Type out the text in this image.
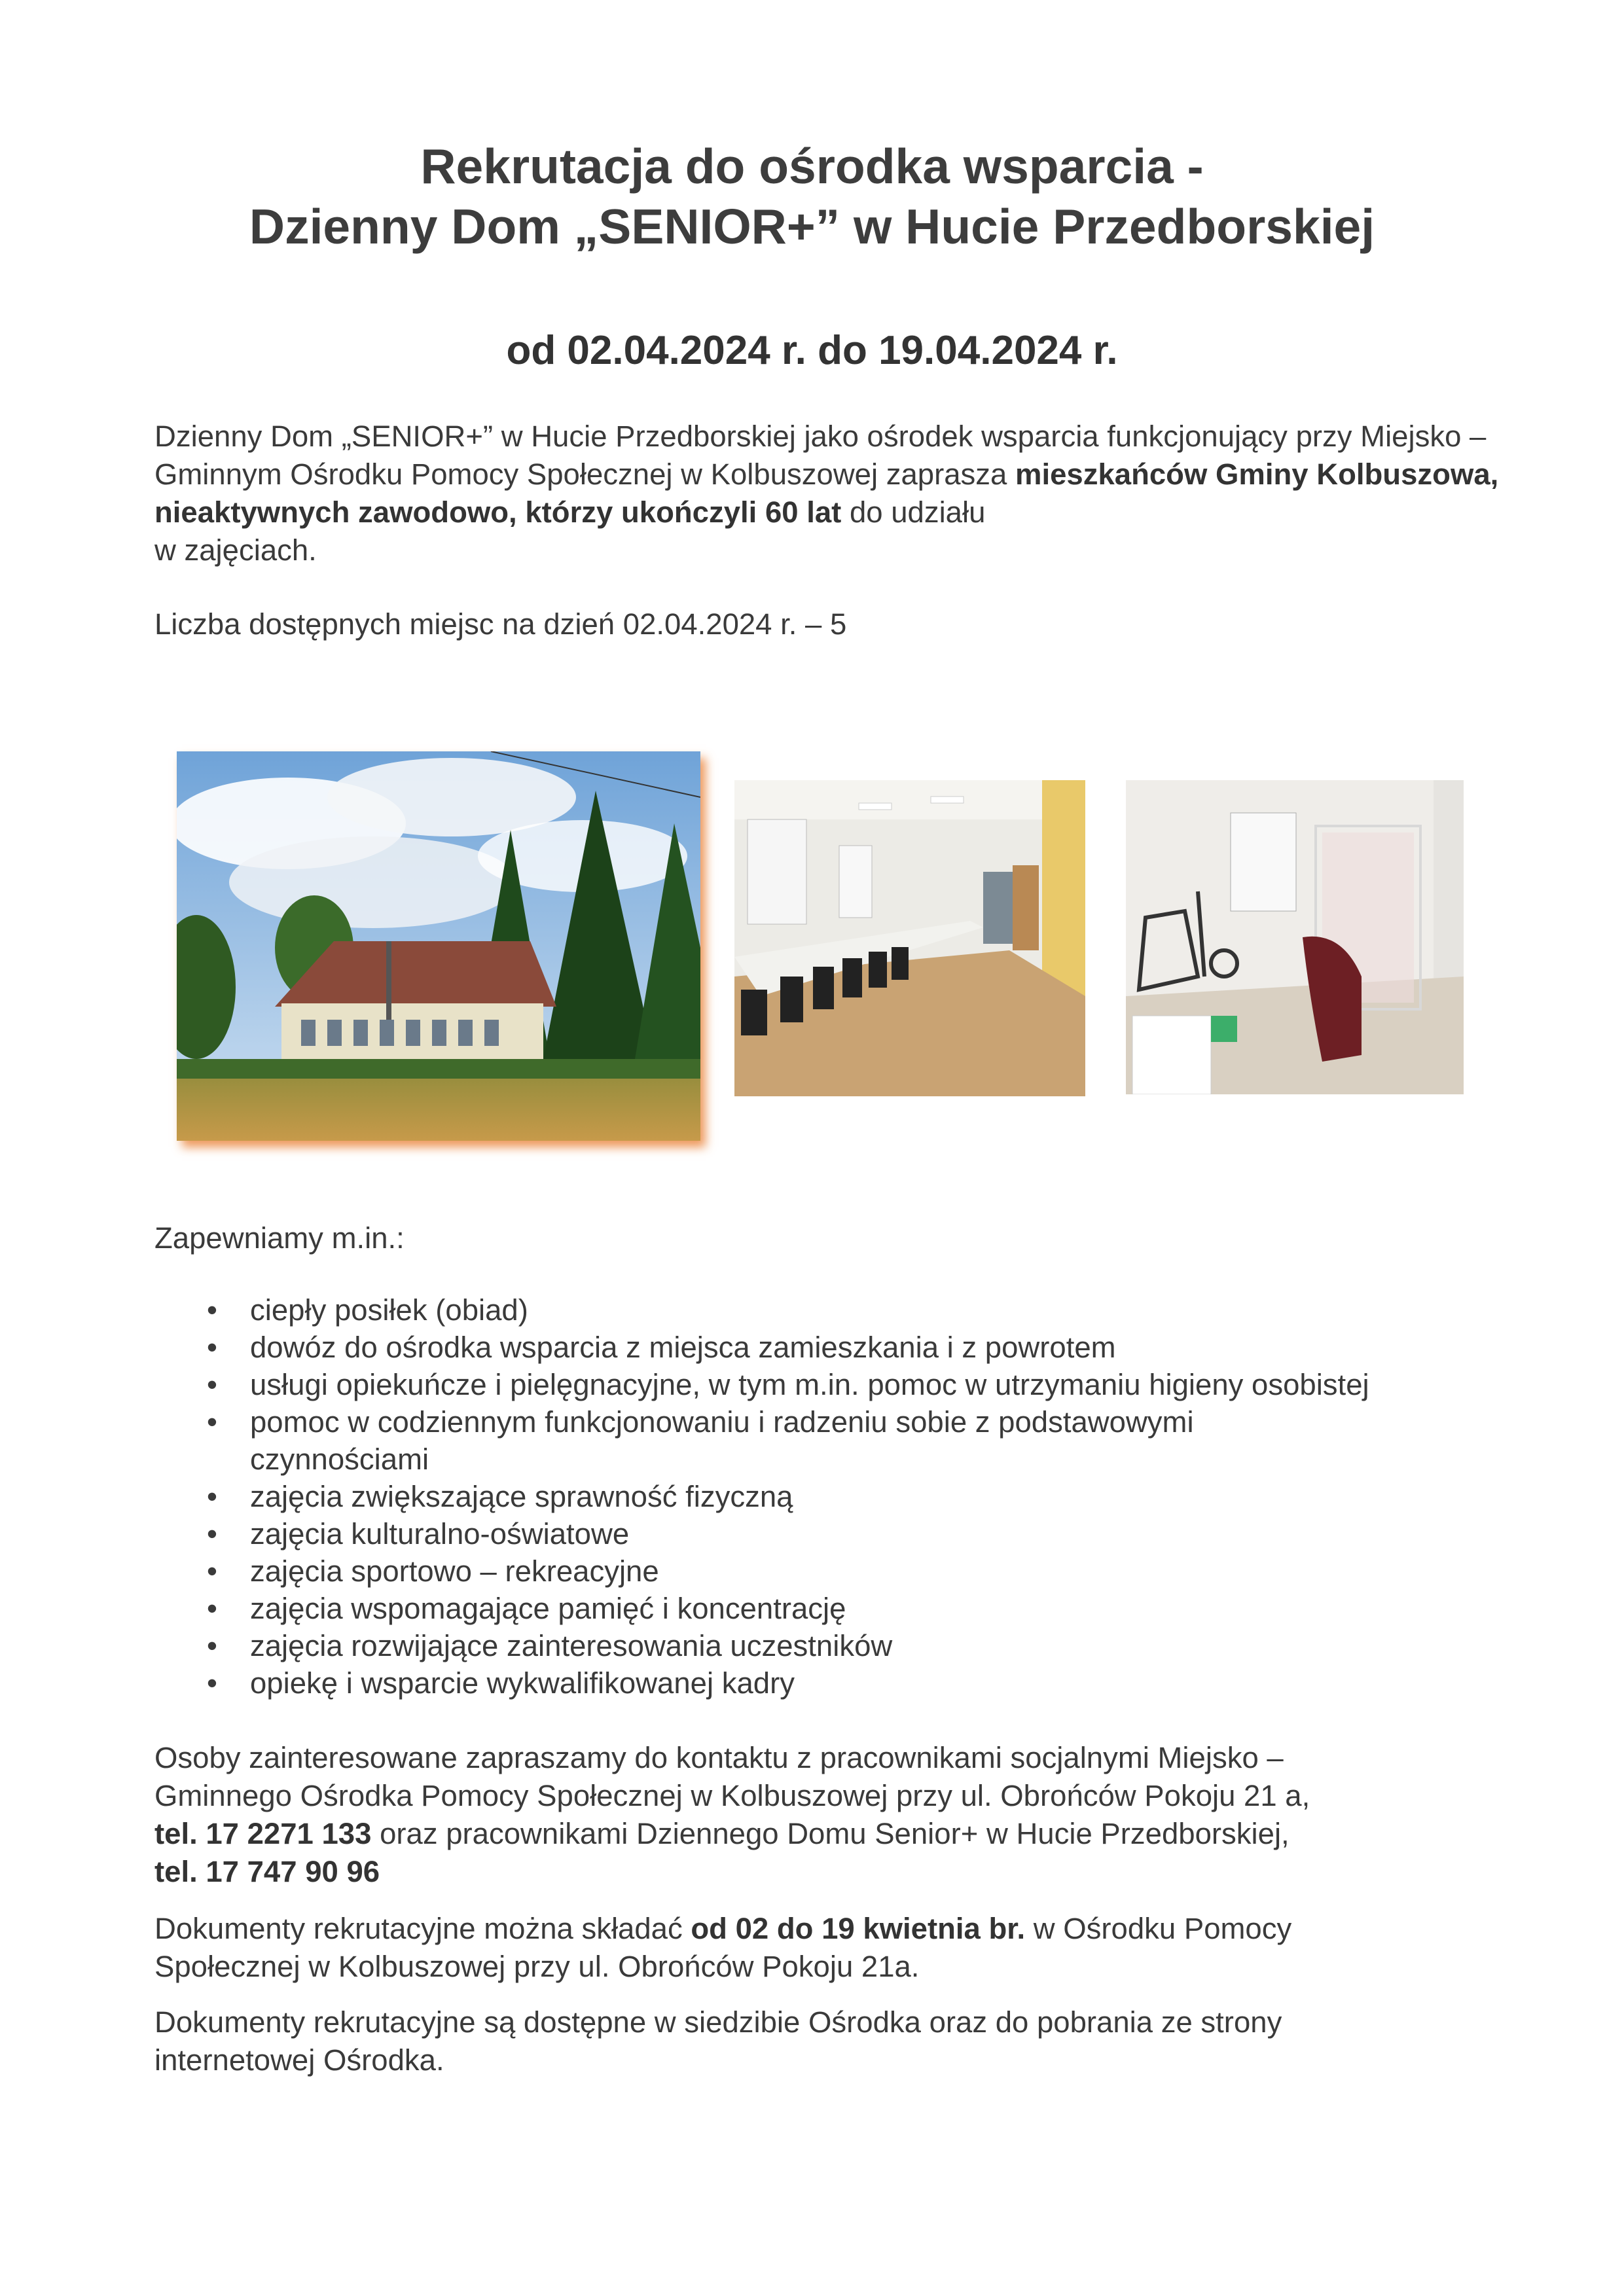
Rekrutacja do ośrodka wsparcia -
Dzienny Dom „SENIOR+” w Hucie Przedborskiej
od 02.04.2024 r. do 19.04.2024 r.
Dzienny Dom „SENIOR+” w Hucie Przedborskiej jako ośrodek wsparcia funkcjonujący przy Miejsko – Gminnym Ośrodku Pomocy Społecznej w Kolbuszowej zaprasza mieszkańców Gminy Kolbuszowa, nieaktywnych zawodowo, którzy ukończyli 60 lat do udziału
w zajęciach.
Liczba dostępnych miejsc na dzień 02.04.2024 r. – 5
Zapewniamy m.in.:
• ciepły posiłek (obiad)
• dowóz do ośrodka wsparcia z miejsca zamieszkania i z powrotem
• usługi opiekuńcze i pielęgnacyjne, w tym m.in. pomoc w utrzymaniu higieny osobistej
• pomoc w codziennym funkcjonowaniu i radzeniu sobie z podstawowymi
czynnościami
• zajęcia zwiększające sprawność fizyczną
• zajęcia kulturalno-oświatowe
• zajęcia sportowo – rekreacyjne
• zajęcia wspomagające pamięć i koncentrację
• zajęcia rozwijające zainteresowania uczestników
• opiekę i wsparcie wykwalifikowanej kadry
Osoby zainteresowane zapraszamy do kontaktu z pracownikami socjalnymi Miejsko –
Gminnego Ośrodka Pomocy Społecznej w Kolbuszowej przy ul. Obrońców Pokoju 21 a,
tel. 17 2271 133 oraz pracownikami Dziennego Domu Senior+ w Hucie Przedborskiej,
tel. 17 747 90 96
Dokumenty rekrutacyjne można składać od 02 do 19 kwietnia br. w Ośrodku Pomocy
Społecznej w Kolbuszowej przy ul. Obrońców Pokoju 21a.
Dokumenty rekrutacyjne są dostępne w siedzibie Ośrodka oraz do pobrania ze strony
internetowej Ośrodka.
